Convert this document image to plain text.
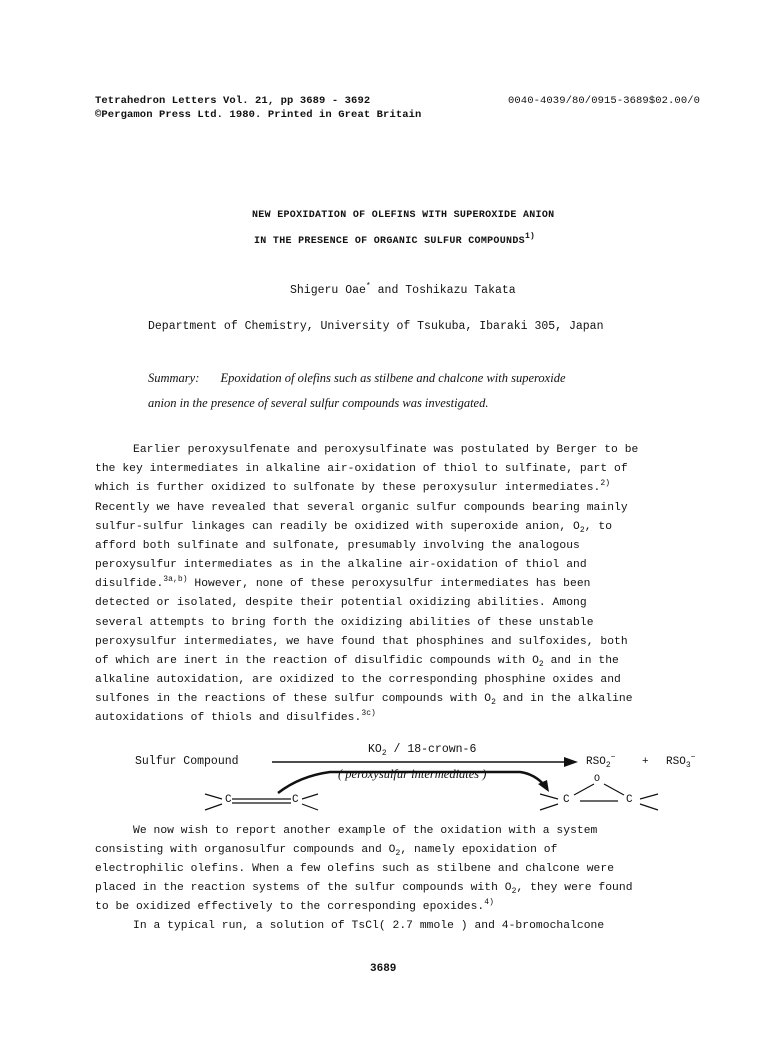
Tetrahedron Letters Vol. 21, pp 3689 - 3692
©Pergamon Press Ltd. 1980. Printed in Great Britain
0040-4039/80/0915-3689$02.00/0
NEW EPOXIDATION OF OLEFINS WITH SUPEROXIDE ANION
IN THE PRESENCE OF ORGANIC SULFUR COMPOUNDS$^{1)}$
Shigeru Oae* and Toshikazu Takata
Department of Chemistry, University of Tsukuba, Ibaraki 305, Japan
Summary: Epoxidation of olefins such as stilbene and chalcone with superoxide
anion in the presence of several sulfur compounds was investigated.
Earlier peroxysulfenate and peroxysulfinate was postulated by Berger to be
the key intermediates in alkaline air-oxidation of thiol to sulfinate, part of
which is further oxidized to sulfonate by these peroxysulur intermediates.$^{2)}$
Recently we have revealed that several organic sulfur compounds bearing mainly
sulfur-sulfur linkages can readily be oxidized with superoxide anion, $O_2$, to
afford both sulfinate and sulfonate, presumably involving the analogous
peroxysulfur intermediates as in the alkaline air-oxidation of thiol and
disulfide.$^{3a,b)}$ However, none of these peroxysulfur intermediates has been
detected or isolated, despite their potential oxidizing abilities. Among
several attempts to bring forth the oxidizing abilities of these unstable
peroxysulfur intermediates, we have found that phosphines and sulfoxides, both
of which are inert in the reaction of disulfidic compounds with $O_2$ and in the
alkaline autoxidation, are oxidized to the corresponding phosphine oxides and
sulfones in the reactions of these sulfur compounds with $O_2$ and in the alkaline
autoxidations of thiols and disulfides.$^{3c)}$
Sulfur Compound
$KO_2$ / 18-crown-6
( peroxysulfur intermediates )
C	C	C	C
O
$RSO_2^- + RSO_3^-$
We now wish to report another example of the oxidation with a system
consisting with organosulfur compounds and $O_2$, namely epoxidation of
electrophilic olefins. When a few olefins such as stilbene and chalcone were
placed in the reaction systems of the sulfur compounds with $O_2$, they were found
to be oxidized effectively to the corresponding epoxides.$^{4)}$
In a typical run, a solution of TsCl( 2.7 mmole ) and 4-bromochalcone
3689
